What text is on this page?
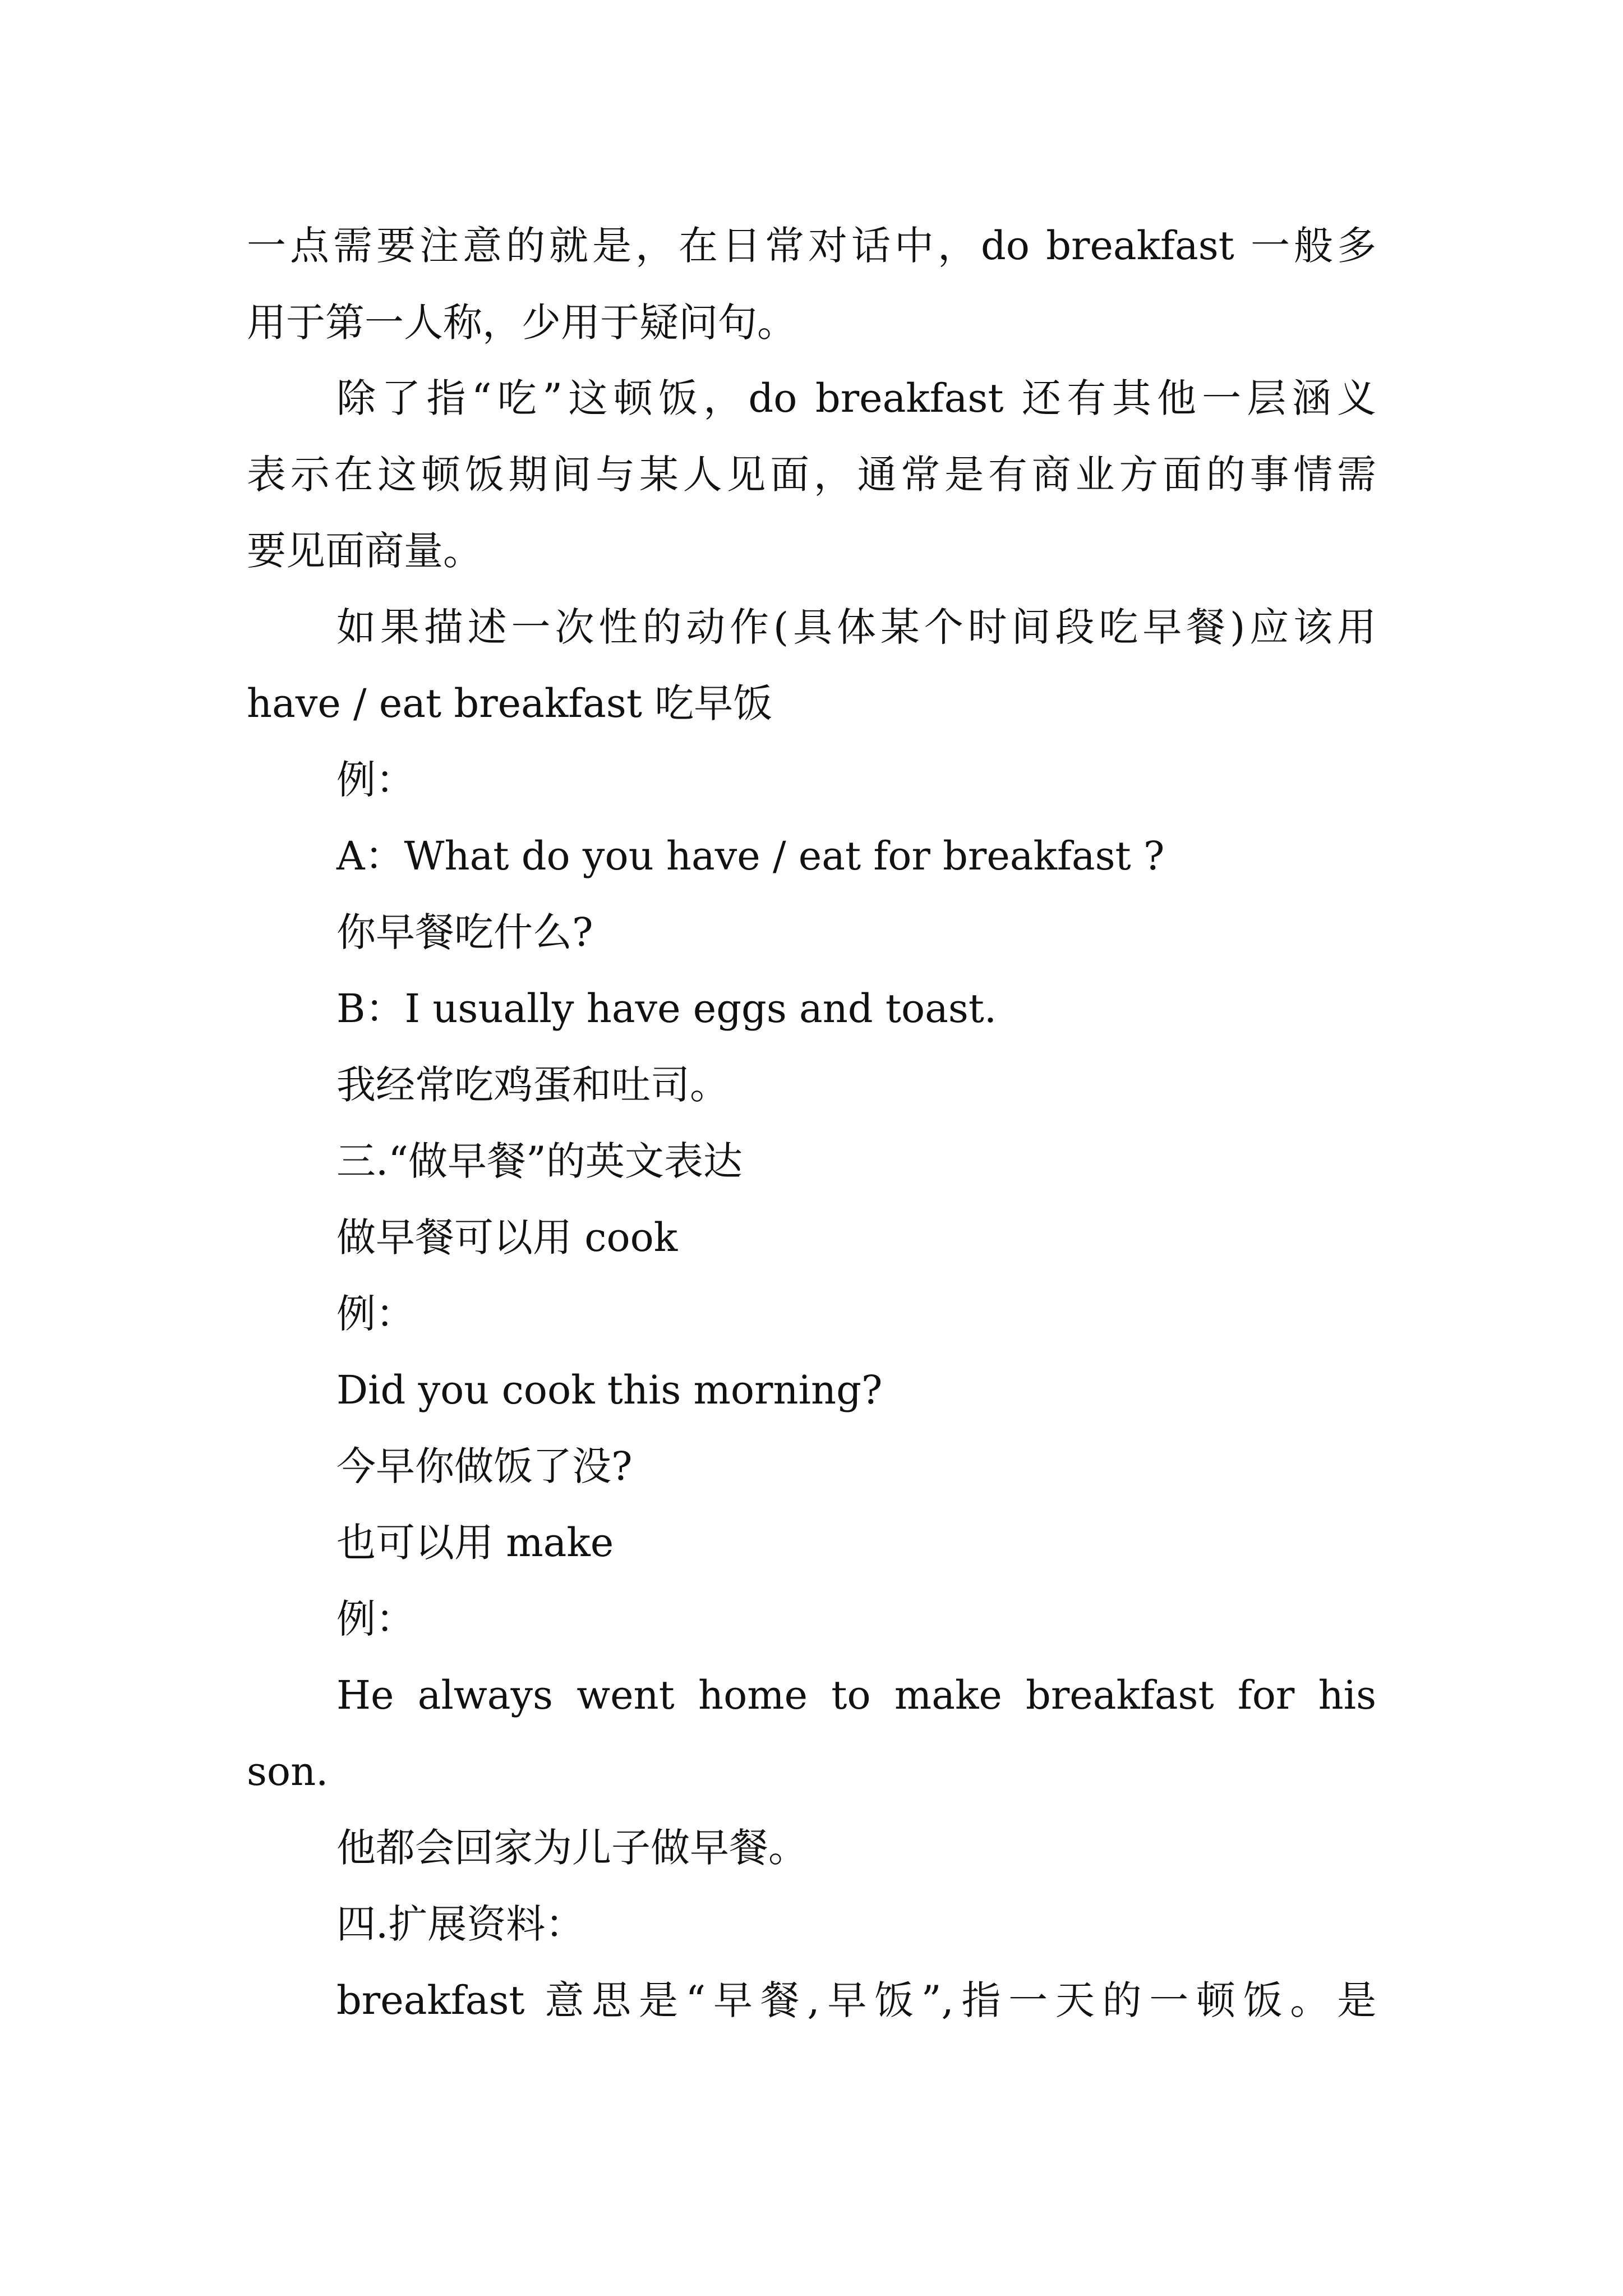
一点需要注意的就是，在日常对话中，do breakfast 一般多
用于第一人称，少用于疑问句。
除了指“吃”这顿饭，do breakfast 还有其他一层涵义
表示在这顿饭期间与某人见面，通常是有商业方面的事情需
要见面商量。
如果描述一次性的动作(具体某个时间段吃早餐)应该用
have / eat breakfast 吃早饭
例：
A：What do you have / eat for breakfast ?
你早餐吃什么?
B：I usually have eggs and toast.
我经常吃鸡蛋和吐司。
三.“做早餐”的英文表达
做早餐可以用 cook
例：
Did you cook this morning?
今早你做饭了没?
也可以用 make
例：
He always went home to make breakfast for his
son.
他都会回家为儿子做早餐。
四.扩展资料：
breakfast 意思是“早餐,早饭”,指一天的一顿饭。是
